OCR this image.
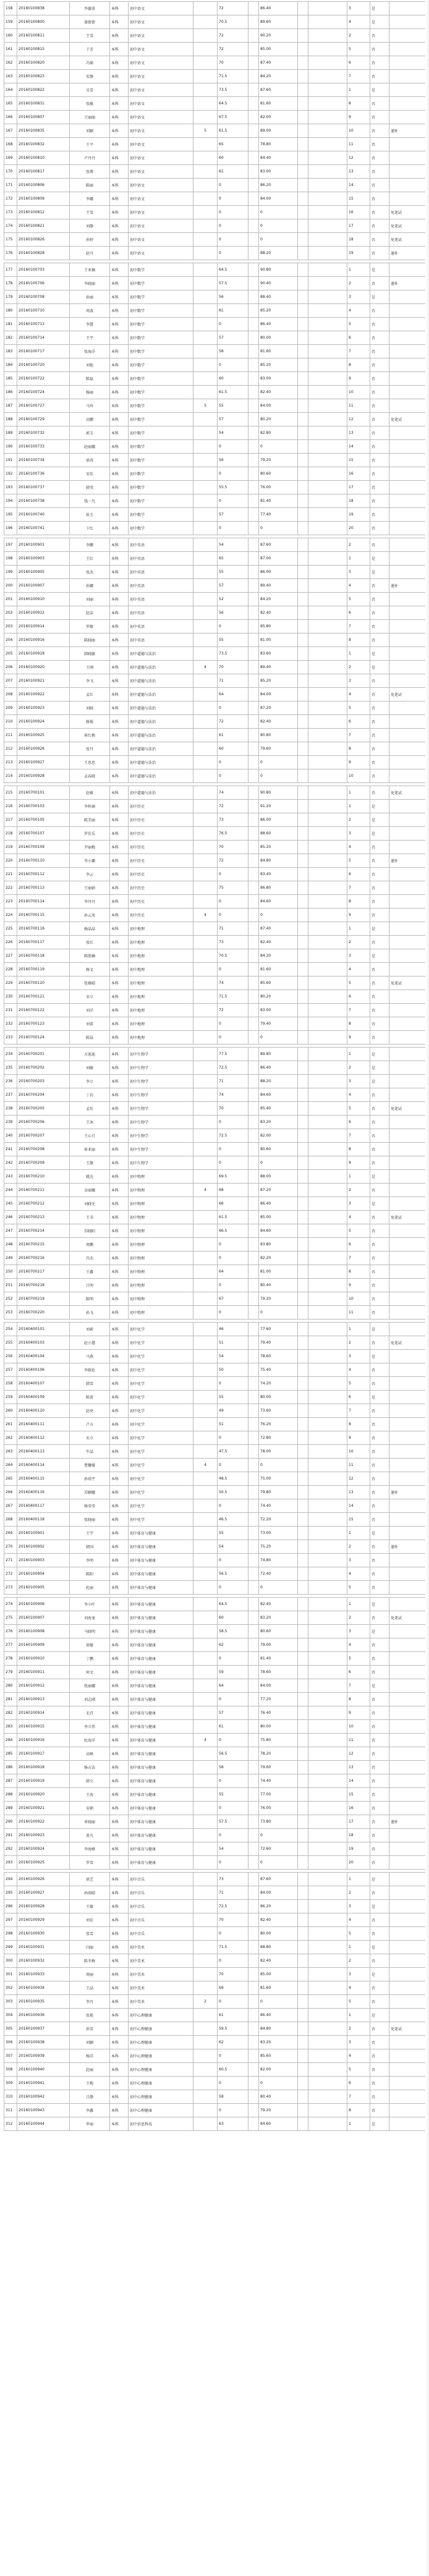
158	20160100838	李德重	本科	初中语文		72		86.40			3	是	
159	20160100800	盛倩倩	本科	初中语文		70.5		89.60			4	是	
160	20160100811	王雪	本科	初中语文		72		90.20			2	否	
161	20160100815	于芳	本科	初中语文		72		85.00			5	否	
162	20160100820	冯瑶	本科	初中语文		70		87.40			6	否	
163	20160100823	安静	本科	初中语文		71.5		84.20			7	否	
164	20160100822	吴雪	本科	初中语文		73.5		87.60			1	是	
165	20160100831	张敏	本科	初中语文		64.5		81.60			8	否	
166	20160100807	王丽丽	本科	初中语文		67.5		82.00			9	否	
167	20160100835	刘颖	本科	初中语文	5	61.5		89.00			10	否	递补
168	20160100832	王平	本科	初中语文		65		78.80			11	否	
169	20160100810	卢丹丹	本科	初中语文		60		84.40			12	否	
170	20160100817	张博	本科	初中语文		61		83.00			13	否	
171	20160100806	陈丽	本科	初中语文		0		86.20			14	否	
172	20160100809	李娜	本科	初中语文		0		84.00			15	否	
173	20160100812	王雪	本科	初中语文		0		0			16	否	免笔试
174	20160100821	刘静	本科	初中语文		0		0			17	否	免笔试
175	20160100826	孙婷	本科	初中语文		0		0			18	否	免笔试
176	20160100828	赵丹	本科	初中语文		0		88.20			19	否	递补
177	20160100703	王亚楠	本科	初中数学		64.5		90.80			1	是	
178	20160100706	李晓丽	本科	初中数学		57.5		90.40			2	否	递补
179	20160100708	孙丽	本科	初中数学		56		88.40			3	是	
180	20160100710	周波	本科	初中数学		61		85.20			4	否	
181	20160100713	李慧	本科	初中数学		0		86.40			5	否	
182	20160100714	王宇	本科	初中数学		57		80.00			6	否	
183	20160100717	张海洋	本科	初中数学		58		81.60			7	否	
184	20160100720	刘艳	本科	初中数学		0		85.20			8	否	
185	20160100722	陈磊	本科	初中数学		60		83.00			9	否	
186	20160100724	杨丽	本科	初中数学		61.5		82.40			10	否	
187	20160100727	马玲	本科	初中数学	5	55		84.00			11	否	
188	20160100729	高鹏	本科	初中数学		57		80.20			12	否	免笔试
189	20160100732	郭玉	本科	初中数学		54		82.80			13	否	
190	20160100733	赵丽娜	本科	初中数学		0		0			14	否	
191	20160100734	徐涛	本科	初中数学		56		79.20			15	否	
192	20160100736	宋佳	本科	初中数学		0		80.60			16	否	
193	20160100737	韩莹	本科	初中数学		55.5		76.00			17	否	
194	20160100738	钱一凡	本科	初中数学		0		81.40			18	否	
195	20160100740	侯玉	本科	初中数学		57		77.40			19	否	
196	20160100741	卞红	本科	初中数学		0		0			20	否	
197	20160100901	李鹏	本科	初中英语		54		87.60			2	否	
198	20160100903	王红	本科	初中英语		65		87.00			1	是	
199	20160100905	张杰	本科	初中英语		55		86.00			3	是	
200	20160100907	孙娜	本科	初中英语		57		89.40			4	否	递补
201	20160100910	刘丽	本科	初中英语		52		84.20			5	否	
202	20160100912	赵洁	本科	初中英语		56		82.40			6	否	
203	20160100914	罗敏	本科	初中英语		0		85.80			7	否	
204	20160100916	陈晓丽	本科	初中英语		55		81.00			8	否	
205	20160100918	韩晓敏	本科	初中道德与法治		73.5		83.60			1	是	
206	20160100920	王刚	本科	初中道德与法治	4	70		89.40			2	是	
207	20160100921	李飞	本科	初中道德与法治		71		85.20			3	否	
208	20160100922	孟红	本科	初中道德与法治		64		84.00			4	否	免笔试
209	20160100923	刘晓	本科	初中道德与法治		0		87.20			5	否	
210	20160100924	杨俊	本科	初中道德与法治		72		82.40			6	否	
211	20160100925	崔红梅	本科	初中道德与法治		61		80.80			7	否	
212	20160100926	张丹	本科	初中道德与法治		60		79.60			8	否	
213	20160100927	王思思	本科	初中道德与法治		0		0			9	否	
214	20160100928	孟春晓	本科	初中道德与法治		0		0			10	否	
215	20160700101	赵敏	本科	初中道德与法治		74		90.80			1	否	免笔试
216	20160700103	李梓涵	本科	初中历史		72		91.20			1	是	
217	20160700105	陈美丽	本科	初中历史		73		86.00			2	是	
218	20160700107	罗佳乐	本科	初中历史		76.5		88.60			3	是	
219	20160700109	尹丽梅	本科	初中历史		70		85.20			4	否	
220	20160700110	李小璐	本科	初中历史		72		84.80			5	否	递补
221	20160700112	李云	本科	初中历史		0		83.40			6	否	
222	20160700113	王丽娟	本科	初中历史		75		86.80			7	否	
223	20160700114	李丹丹	本科	初中历史		0		84.60			8	否	
224	20160700115	孙云凤	本科	初中历史	4	0		0			9	否	
225	20160700116	杨晶晶	本科	初中地理		71		87.40			1	是	
226	20160700117	张红	本科	初中地理		73		82.40			2	否	
227	20160700118	陈胜楠	本科	初中地理		70.5		84.20			3	是	
228	20160700119	杨文	本科	初中地理		0		81.60			4	否	
229	20160700120	张雅晴	本科	初中地理		74		85.60			5	否	免笔试
230	20160700121	宋立	本科	初中地理		71.5		80.20			6	否	
231	20160700122	刘洋	本科	初中地理		72		83.00			7	否	
232	20160700123	刘雷	本科	初中地理		0		79.40			8	否	
233	20160700124	陈晨	本科	初中地理		0		0			9	否	
234	20160700201	方迪迪	本科	初中生物学		77.5		89.80			1	是	
235	20160700202	刘敏	本科	初中生物学		72.5		86.40			2	是	
236	20160700203	李立	本科	初中生物学		71		88.20			3	是	
237	20160700204	丁岩	本科	初中生物学		74		84.60			4	否	
238	20160700205	孟佳	本科	初中生物学		70		85.40			5	否	免笔试
239	20160700206	王冰	本科	初中生物学		0		83.20			6	否	
240	20160700207	王心月	本科	初中生物学		72.5		82.00			7	否	
241	20160700208	崔亚丽	本科	初中生物学		0		80.60			8	否	
242	20160700209	王静	本科	初中生物学		0		0			9	否	
243	20160700210	姚达	本科	初中物理		69.5		88.00			1	是	
244	20160700211	金丽娜	本科	初中物理	4	68		87.20			2	否	
245	20160700212	刘晓光	本科	初中物理		66		86.40			3	是	
246	20160700213	王书	本科	初中物理		61.5		85.00			4	否	免笔试
247	20160700214	苏晓阳	本科	初中物理		66.5		84.60			5	否	
248	20160700215	周鹏	本科	初中物理		0		83.80			6	否	
249	20160700216	冯杰	本科	初中物理		0		82.20			7	否	
250	20160700217	王鑫	本科	初中物理		64		81.00			8	否	
251	20160700218	吕明	本科	初中物理		0		80.40			9	否	
252	20160700219	陈明	本科	初中物理		67		79.20			10	否	
253	20160700220	孙飞	本科	初中物理		0		0			11	否	
254	20160400101	刘莉	本科	初中化学		46		77.60			1	是	
255	20160400103	赵小慧	本科	初中化学		51		79.40			2	否	免笔试
256	20160400104	马燕	本科	初中化学		54		78.60			3	是	
257	20160400106	李维伦	本科	初中化学		50		75.40			4	否	
258	20160400107	韩雪	本科	初中化学		0		74.20			5	否	
259	20160400109	陈雷	本科	初中化学		55		80.00			6	是	
260	20160400110	赵亮	本科	初中化学		49		73.60			7	否	
261	20160400111	卢方	本科	初中化学		51		76.20			8	否	
262	20160400112	朱立	本科	初中化学		0		72.80			9	否	
263	20160400113	牛晶	本科	初中化学		47.5		78.00			10	否	
264	20160400114	曹馨媛	本科	初中化学	4	0		0			11	否	
265	20160400115	孙靖宇	本科	初中化学		48.5		75.00			12	否	
266	20160400116	苏颖娜	本科	初中化学		50.5		79.80			13	否	递补
267	20160400117	杨莹莹	本科	初中化学		0		74.40			14	否	
268	20160400118	张晓丽	本科	初中化学		46.5		72.20			15	否	
269	20160100901	王宇	本科	初中体育与健康		55		73.00			1	是	
270	20160100902	韩国	本科	初中体育与健康		54		75.20			2	否	递补
271	20160100903	李明	本科	初中体育与健康		0		74.80			3	否	
272	20160100904	陈阳	本科	初中体育与健康		56.5		72.40			4	否	
273	20160100905	杜丽	本科	初中体育与健康		0		0			5	否	
274	20160100906	李小叶	本科	初中体育与健康		64.5		82.40			1	是	
275	20160100907	刘海龙	本科	初中体育与健康		60		83.20			2	否	免笔试
276	20160100908	马晓明	本科	初中体育与健康		58.5		80.60			3	是	
277	20160100909	徐健	本科	初中体育与健康		62		79.00			4	否	
278	20160100910	丁鹏	本科	初中体育与健康		0		81.40			5	否	
279	20160100911	何文	本科	初中体育与健康		59		78.60			6	否	
280	20160100912	张丽娜	本科	初中体育与健康		64		84.00			7	是	
281	20160100913	刘志刚	本科	初中体育与健康		0		77.20			8	否	
282	20160100914	毛召	本科	初中体育与健康		57		76.40			9	否	
283	20160100915	李立伟	本科	初中体育与健康		61		80.00			10	否	
284	20160100916	杜海洋	本科	初中体育与健康	4	0		75.80			11	否	
285	20160100917	高峰	本科	初中体育与健康		56.5		78.20			12	否	
286	20160100918	杨占洁	本科	初中体育与健康		58		79.60			13	否	
287	20160100919	韩立	本科	初中体育与健康		0		74.40			14	否	
288	20160100920	王海	本科	初中体育与健康		55		77.00			15	否	
289	20160100921	宋朝	本科	初中体育与健康		0		76.00			16	否	
290	20160100922	单晓丽	本科	初中体育与健康		57.5		73.80			17	否	递补
291	20160100923	黄凡	本科	初中体育与健康		0		0			18	否	
292	20160100924	李海峰	本科	初中体育与健康		54		72.60			19	否	
293	20160100925	罗雪	本科	初中体育与健康		0		0			20	否	
294	20160100926	徐艺	本科	初中音乐		73		87.60			1	是	
295	20160100927	孙雨晴	本科	初中音乐		71		84.00			2	否	
296	20160100928	王敏	本科	初中音乐		72.5		86.20			3	是	
297	20160100929	刘佳	本科	初中音乐		70		82.40			4	否	
298	20160100930	张雪	本科	初中音乐		0		80.00			5	否	
299	20160100931	闫丽	本科	初中美术		71.5		88.80			1	是	
300	20160100932	陈冬梅	本科	初中美术		0		82.40			2	否	
301	20160100933	周丽	本科	初中美术		70		85.00			3	是	
302	20160100934	王晶	本科	初中美术		69		81.60			4	否	
303	20160100935	李丹	本科	初中美术	2	0		0			5	否	
304	20160100936	张艳	本科	初中心理健康		61		86.40			1	是	
305	20160100937	孙雪	本科	初中心理健康		59.5		84.80			2	否	免笔试
306	20160100938	刘颖	本科	初中心理健康		62		83.20			3	否	
307	20160100939	杨洋	本科	初中心理健康		0		85.60			4	否	
308	20160100940	赵丽	本科	初中心理健康		60.5		82.00			5	否	
309	20160100941	王梅	本科	初中心理健康		0		0			6	否	
310	20160100942	吕静	本科	初中心理健康		58		80.40			7	否	
311	20160100943	李鑫	本科	初中心理健康		0		79.20			8	否	
312	20160100944	罗丽	本科	初中信息科技		63		84.60			1	是	
